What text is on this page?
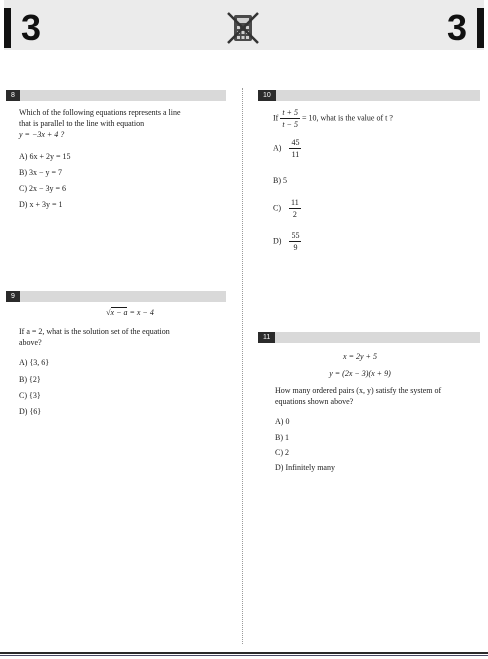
3	3
8
Which of the following equations represents a line
that is parallel to the line with equation
y = −3x + 4 ?
A) 6x + 2y = 15
B) 3x − y = 7
C) 2x − 3y = 6
D) x + 3y = 1
9
√x − a = x − 4
If a = 2, what is the solution set of the equation
above?
A) {3, 6}
B) {2}
C) {3}
D) {6}
10
If $\frac{t + 5}{t - 5} = 10$, what is the value of t ?
$A) \frac{45}{11}$
B) 5
$C) \frac{11}{2}$
$D) \frac{55}{9}$
11
x = 2y + 5
y = (2x − 3)(x + 9)
How many ordered pairs (x, y) satisfy the system of
equations shown above?
A) 0
B) 1
C) 2
D) Infinitely many
